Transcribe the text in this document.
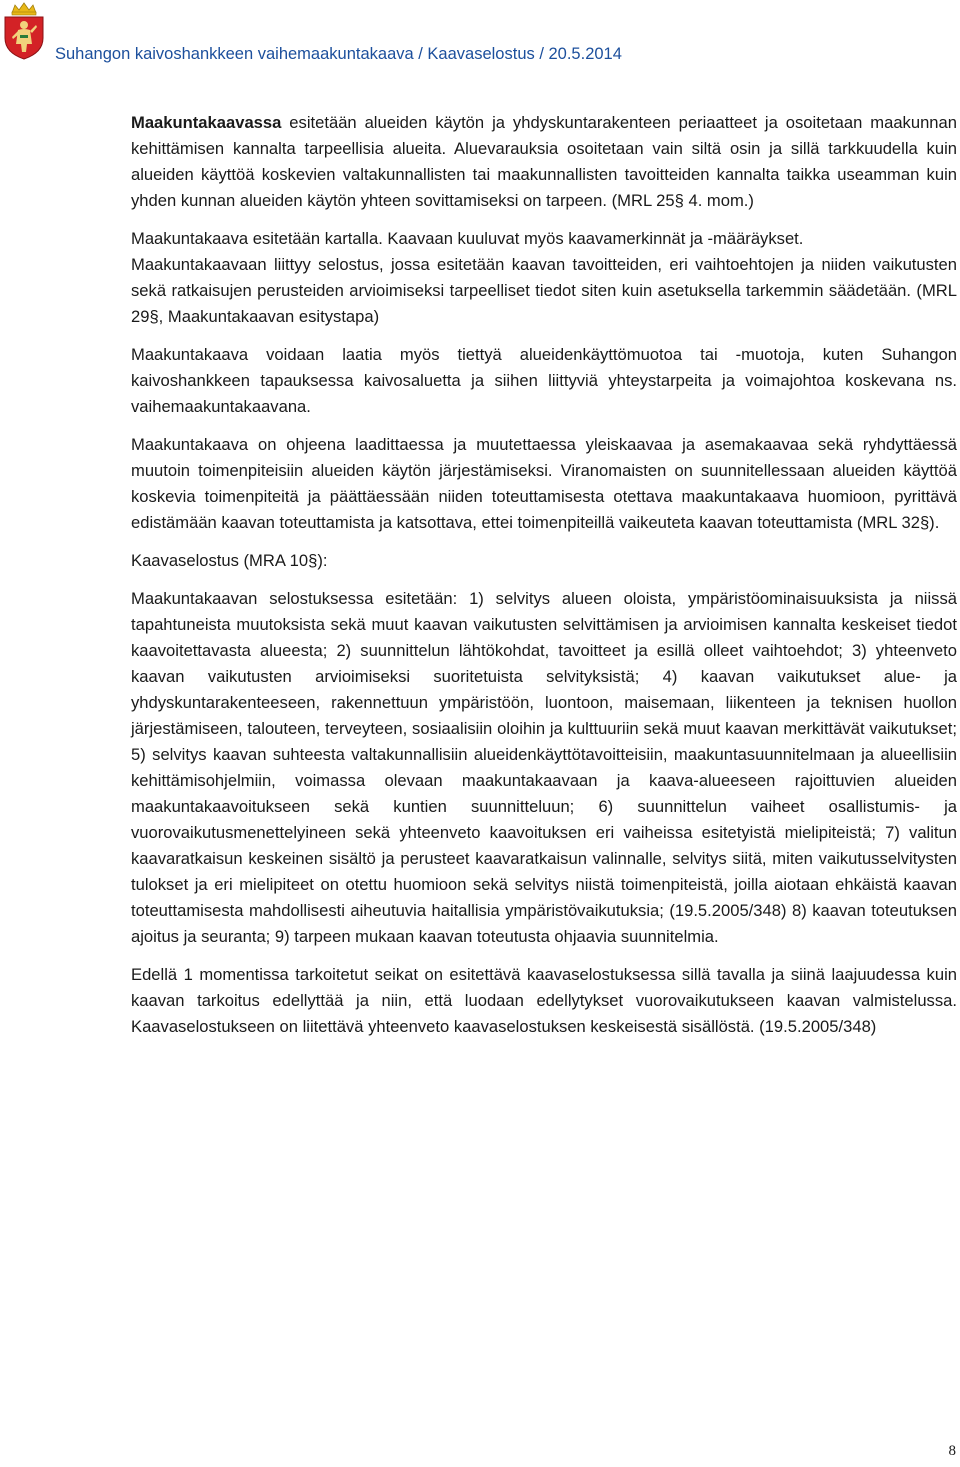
Suhangon kaivoshankkeen vaihemaakuntakaava / Kaavaselostus / 20.5.2014

Maakuntakaavassa esitetään alueiden käytön ja yhdyskuntarakenteen periaatteet ja osoitetaan maakunnan kehittämisen kannalta tarpeellisia alueita. Aluevarauksia osoitetaan vain siltä osin ja sillä tarkkuudella kuin alueiden käyttöä koskevien valtakunnallisten tai maakunnallisten tavoitteiden kannalta taikka useamman kuin yhden kunnan alueiden käytön yhteen sovittamiseksi on tarpeen. (MRL 25§ 4. mom.)

Maakuntakaava esitetään kartalla. Kaavaan kuuluvat myös kaavamerkinnät ja -määräykset.

Maakuntakaavaan liittyy selostus, jossa esitetään kaavan tavoitteiden, eri vaihtoehtojen ja niiden vaikutusten sekä ratkaisujen perusteiden arvioimiseksi tarpeelliset tiedot siten kuin asetuksella tarkemmin säädetään. (MRL 29§, Maakuntakaavan esitystapa)

Maakuntakaava voidaan laatia myös tiettyä alueidenkäyttömuotoa tai -muotoja, kuten Suhangon kaivoshankkeen tapauksessa kaivosaluetta ja siihen liittyviä yhteystarpeita ja voimajohtoa koskevana ns. vaihemaakuntakaavana.

Maakuntakaava on ohjeena laadittaessa ja muutettaessa yleiskaavaa ja asemakaavaa sekä ryhdyttäessä muutoin toimenpiteisiin alueiden käytön järjestämiseksi. Viranomaisten on suunnitellessaan alueiden käyttöä koskevia toimenpiteitä ja päättäessään niiden toteuttamisesta otettava maakuntakaava huomioon, pyrittävä edistämään kaavan toteuttamista ja katsottava, ettei toimenpiteillä vaikeuteta kaavan toteuttamista (MRL 32§).

Kaavaselostus (MRA 10§):

Maakuntakaavan selostuksessa esitetään: 1) selvitys alueen oloista, ympäristöominaisuuksista ja niissä tapahtuneista muutoksista sekä muut kaavan vaikutusten selvittämisen ja arvioimisen kannalta keskeiset tiedot kaavoitettavasta alueesta; 2) suunnittelun lähtökohdat, tavoitteet ja esillä olleet vaihtoehdot; 3) yhteenveto kaavan vaikutusten arvioimiseksi suoritetuista selvityksistä; 4) kaavan vaikutukset alue- ja yhdyskuntarakenteeseen, rakennettuun ympäristöön, luontoon, maisemaan, liikenteen ja teknisen huollon järjestämiseen, talouteen, terveyteen, sosiaalisiin oloihin ja kulttuuriin sekä muut kaavan merkittävät vaikutukset; 5) selvitys kaavan suhteesta valtakunnallisiin alueidenkäyttötavoitteisiin, maakuntasuunnitelmaan ja alueellisiin kehittämisohjelmiin, voimassa olevaan maakuntakaavaan ja kaava-alueeseen rajoittuvien alueiden maakuntakaavoitukseen sekä kuntien suunnitteluun; 6) suunnittelun vaiheet osallistumis- ja vuorovaikutusmenettelyineen sekä yhteenveto kaavoituksen eri vaiheissa esitetyistä mielipiteistä; 7) valitun kaavaratkaisun keskeinen sisältö ja perusteet kaavaratkaisun valinnalle, selvitys siitä, miten vaikutusselvitysten tulokset ja eri mielipiteet on otettu huomioon sekä selvitys niistä toimenpiteistä, joilla aiotaan ehkäistä kaavan toteuttamisesta mahdollisesti aiheutuvia haitallisia ympäristövaikutuksia; (19.5.2005/348) 8) kaavan toteutuksen ajoitus ja seuranta; 9) tarpeen mukaan kaavan toteutusta ohjaavia suunnitelmia.

Edellä 1 momentissa tarkoitetut seikat on esitettävä kaavaselostuksessa sillä tavalla ja siinä laajuudessa kuin kaavan tarkoitus edellyttää ja niin, että luodaan edellytykset vuorovaikutukseen kaavan valmistelussa. Kaavaselostukseen on liitettävä yhteenveto kaavaselostuksen keskeisestä sisällöstä. (19.5.2005/348)

8
